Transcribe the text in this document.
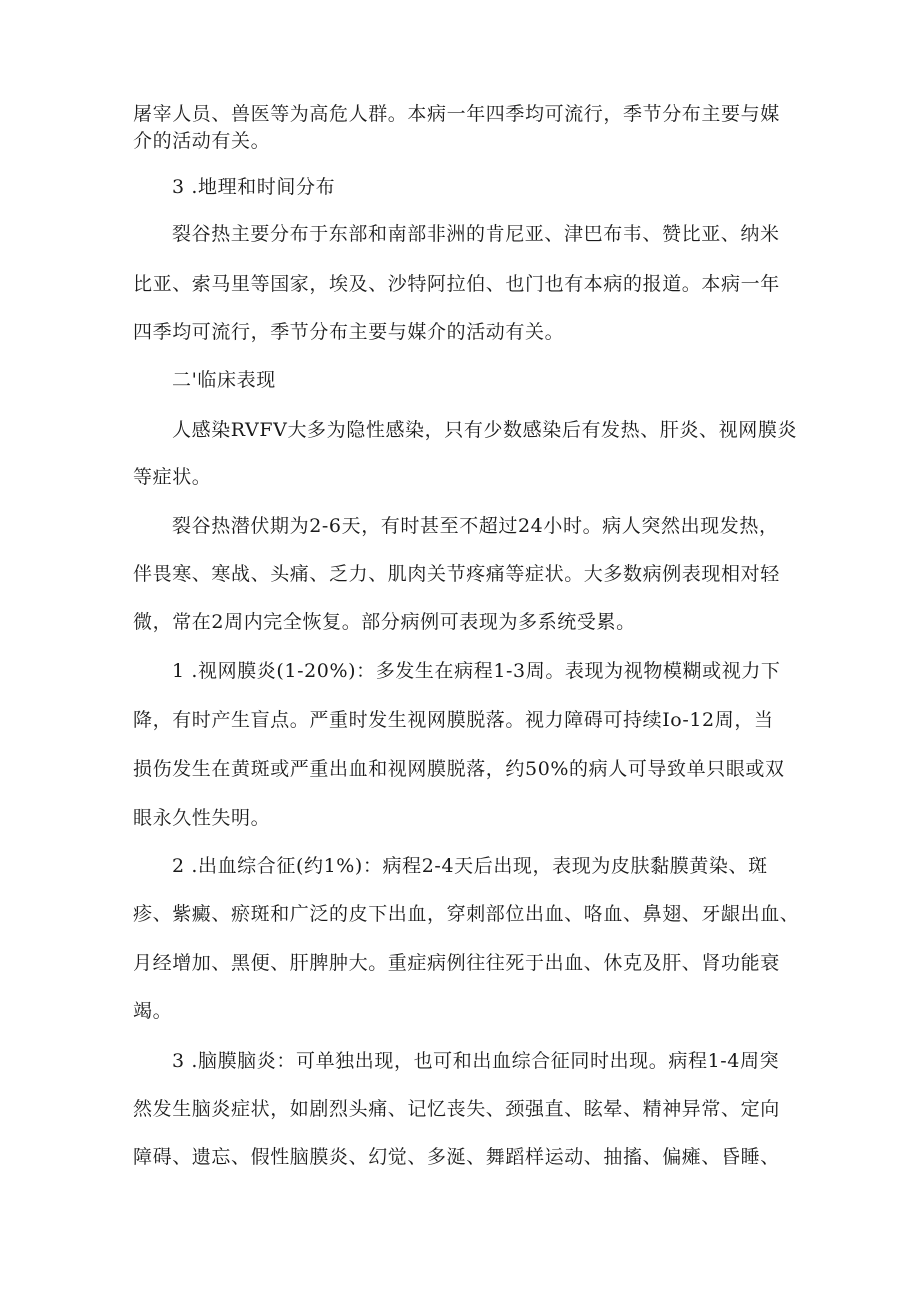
屠宰人员、兽医等为高危人群。本病一年四季均可流行，季节分布主要与媒
介的活动有关。
3 .地理和时间分布
裂谷热主要分布于东部和南部非洲的肯尼亚、津巴布韦、赞比亚、纳米
比亚、索马里等国家，埃及、沙特阿拉伯、也门也有本病的报道。本病一年
四季均可流行，季节分布主要与媒介的活动有关。
二'临床表现
人感染RVFV大多为隐性感染，只有少数感染后有发热、肝炎、视网膜炎
等症状。
裂谷热潜伏期为2-6天，有时甚至不超过24小时。病人突然出现发热，
伴畏寒、寒战、头痛、乏力、肌肉关节疼痛等症状。大多数病例表现相对轻
微，常在2周内完全恢复。部分病例可表现为多系统受累。
1 .视网膜炎(1-20%)：多发生在病程1-3周。表现为视物模糊或视力下
降，有时产生盲点。严重时发生视网膜脱落。视力障碍可持续Io-12周，当
损伤发生在黄斑或严重出血和视网膜脱落，约50%的病人可导致单只眼或双
眼永久性失明。
2 .出血综合征(约1%)：病程2-4天后出现，表现为皮肤黏膜黄染、斑
疹、紫癜、瘀斑和广泛的皮下出血，穿刺部位出血、咯血、鼻翅、牙龈出血、
月经增加、黑便、肝脾肿大。重症病例往往死于出血、休克及肝、肾功能衰
竭。
3 .脑膜脑炎：可单独出现，也可和出血综合征同时出现。病程1-4周突
然发生脑炎症状，如剧烈头痛、记忆丧失、颈强直、眩晕、精神异常、定向
障碍、遗忘、假性脑膜炎、幻觉、多涎、舞蹈样运动、抽搐、偏瘫、昏睡、
